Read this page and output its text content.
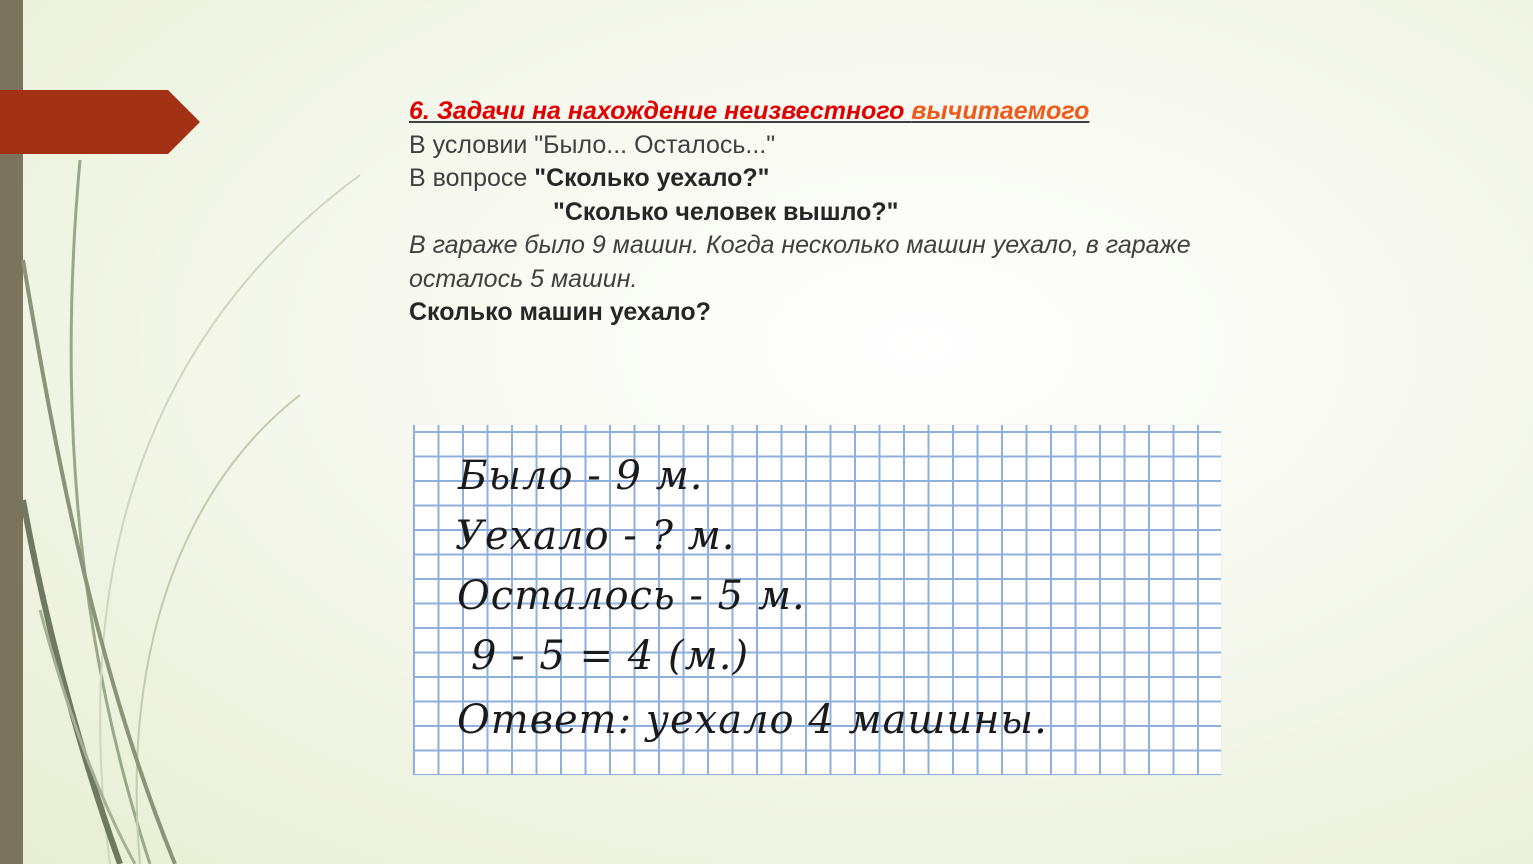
6. Задачи на нахождение неизвестного вычитаемого
В условии "Было... Осталось..."
В вопросе "Сколько уехало?"
"Сколько человек вышло?"
В гараже было 9 машин. Когда несколько машин уехало, в гараже осталось 5 машин.
Сколько машин уехало?
Было - 9 м.
Уехало - ? м.
Осталось - 5 м.
9 - 5 = 4 (м.)
Ответ: уехало 4 машины.
